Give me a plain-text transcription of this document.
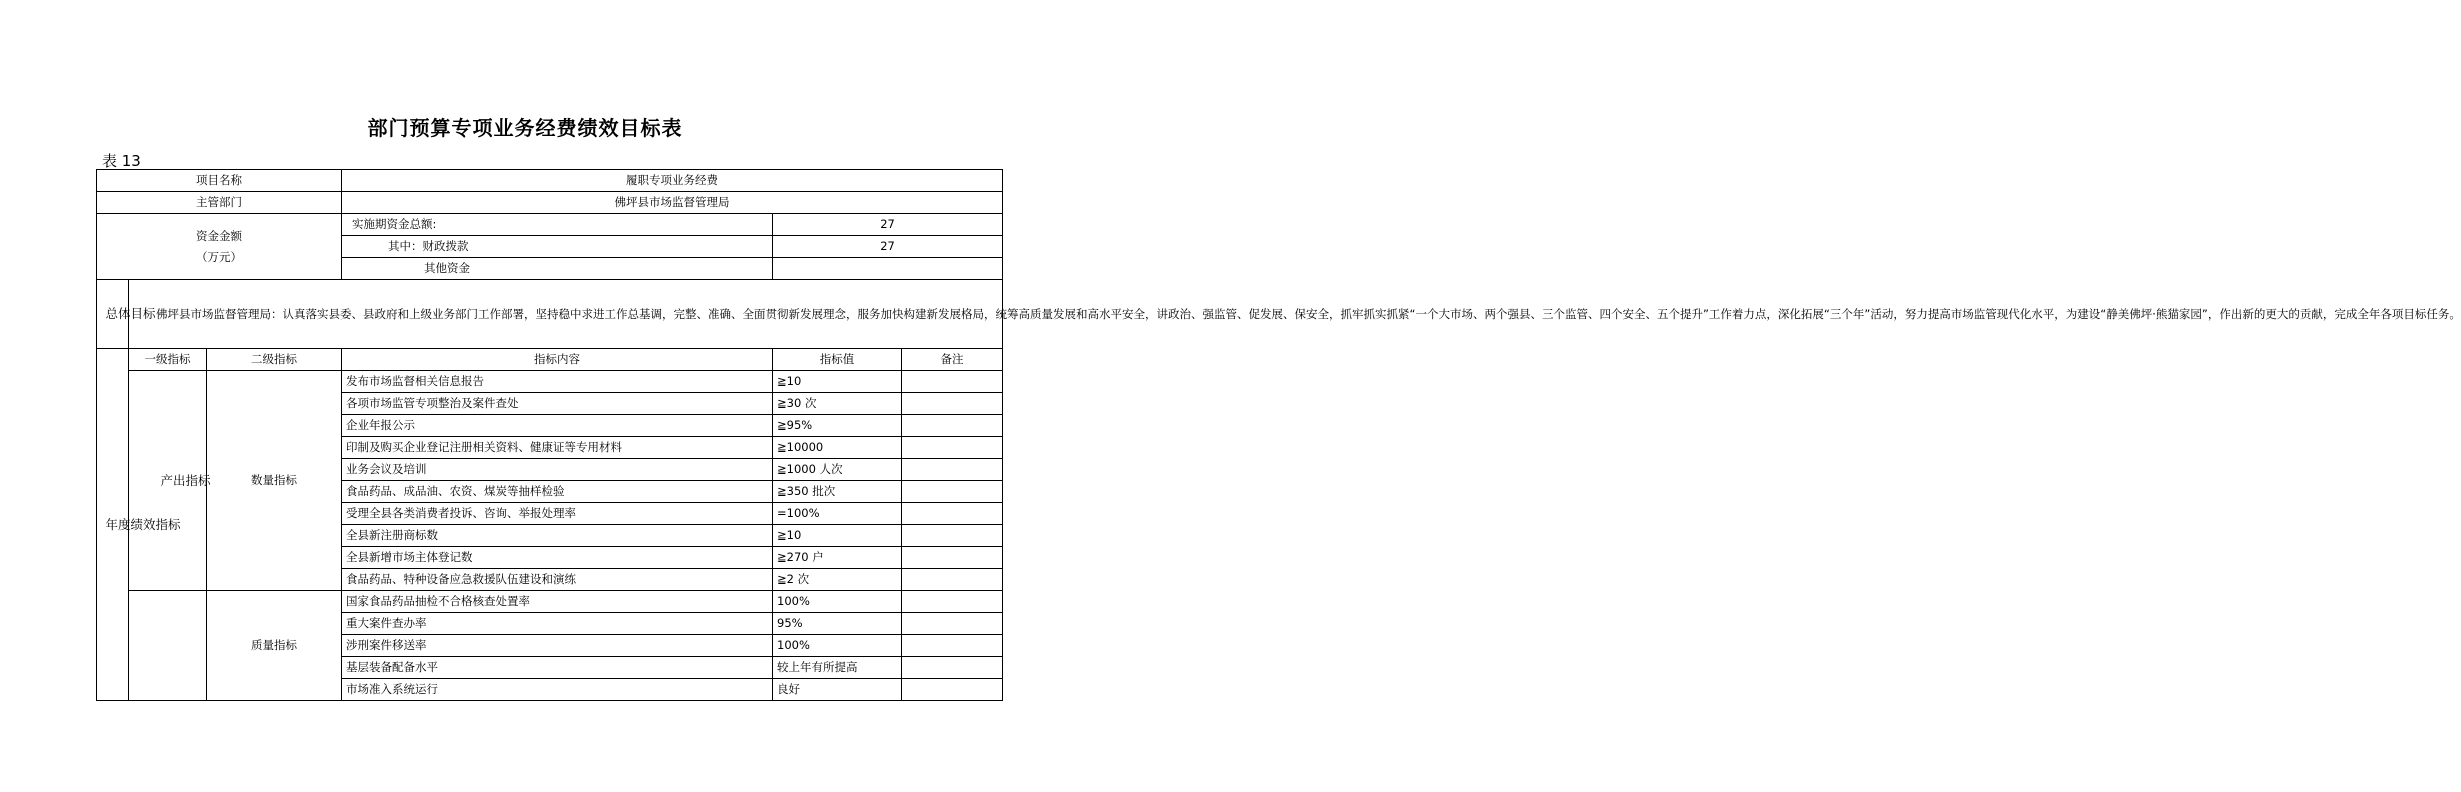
部门预算专项业务经费绩效目标表
表 13
项目名称			履职专项业务经费		
主管部门			佛坪县市场监督管理局		

资金金额
（万元）			实施期资金总额:	27	
			其中：财政拨款	27	
			其他资金		
总体目标	佛坪县市场监督管理局：认真落实县委、县政府和上级业务部门工作部署，坚持稳中求进工作总基调，完整、准确、全面贯彻新发展理念，服务加快构建新发展格局，统筹高质量发展和高水平安全，讲政治、强监管、促发展、保安全，抓牢抓实抓紧“一个大市场、两个强县、三个监管、四个安全、五个提升”工作着力点，深化拓展“三个年”活动，努力提高市场监管现代化水平，为建设“静美佛坪·熊猫家园”，作出新的更大的贡献，完成全年各项目标任务。				
年度绩效指标	一级指标	二级指标	指标内容	指标值	备注
	产出指标	数量指标	发布市场监督相关信息报告	≧10	
			各项市场监管专项整治及案件查处	≧30 次	
			企业年报公示	≧95%	
			印制及购买企业登记注册相关资料、健康证等专用材料	≧10000	
			业务会议及培训	≧1000 人次	
			食品药品、成品油、农资、煤炭等抽样检验	≧350 批次	
			受理全县各类消费者投诉、咨询、举报处理率	=100%	
			全县新注册商标数	≧10	
			全县新增市场主体登记数	≧270 户	
			食品药品、特种设备应急救援队伍建设和演练	≧2 次	
		质量指标	国家食品药品抽检不合格核查处置率	100%	
			重大案件查办率	95%	
			涉刑案件移送率	100%	
			基层装备配备水平	较上年有所提高	
			市场准入系统运行	良好	
